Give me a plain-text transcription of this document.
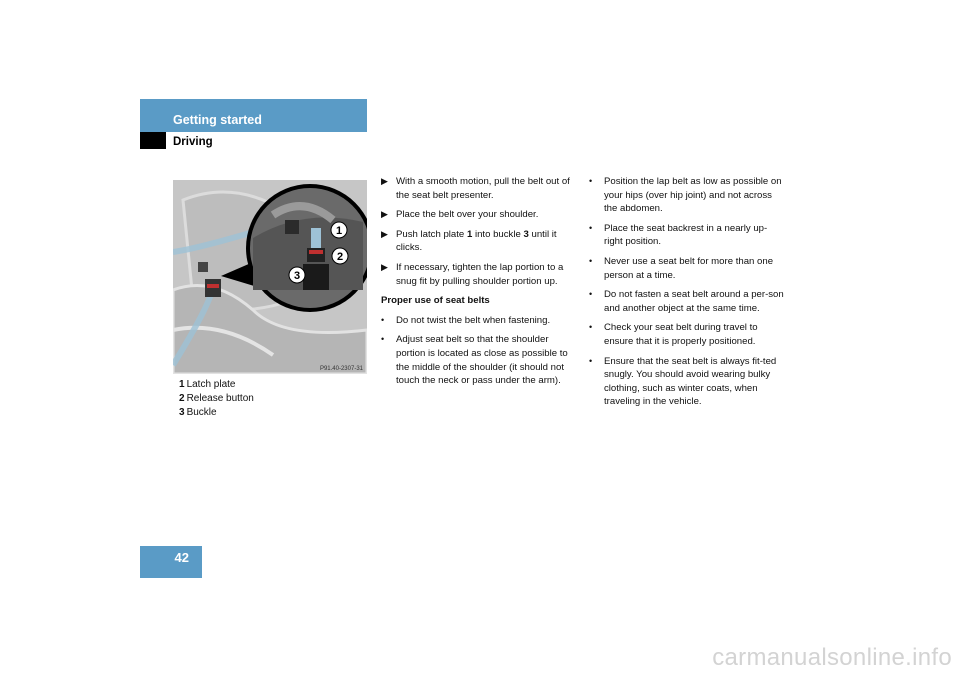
Getting started
Driving
1
2
3
P91.40-2307-31
1 Latch plate
2 Release button
3 Buckle
▶ With a smooth motion, pull the belt out of the seat belt presenter.
▶ Place the belt over your shoulder.
▶ Push latch plate 1 into buckle 3 until it clicks.
▶ If necessary, tighten the lap portion to a snug fit by pulling shoulder portion up.
Proper use of seat belts
• Do not twist the belt when fastening.
• Adjust seat belt so that the shoulder portion is located as close as possible to the middle of the shoulder (it should not touch the neck or pass under the arm).
• Position the lap belt as low as possible on your hips (over hip joint) and not across the abdomen.
• Place the seat backrest in a nearly up-right position.
• Never use a seat belt for more than one person at a time.
• Do not fasten a seat belt around a per-son and another object at the same time.
• Check your seat belt during travel to ensure that it is properly positioned.
• Ensure that the seat belt is always fit-ted snugly. You should avoid wearing bulky clothing, such as winter coats, when traveling in the vehicle.
42
carmanualsonline.info
